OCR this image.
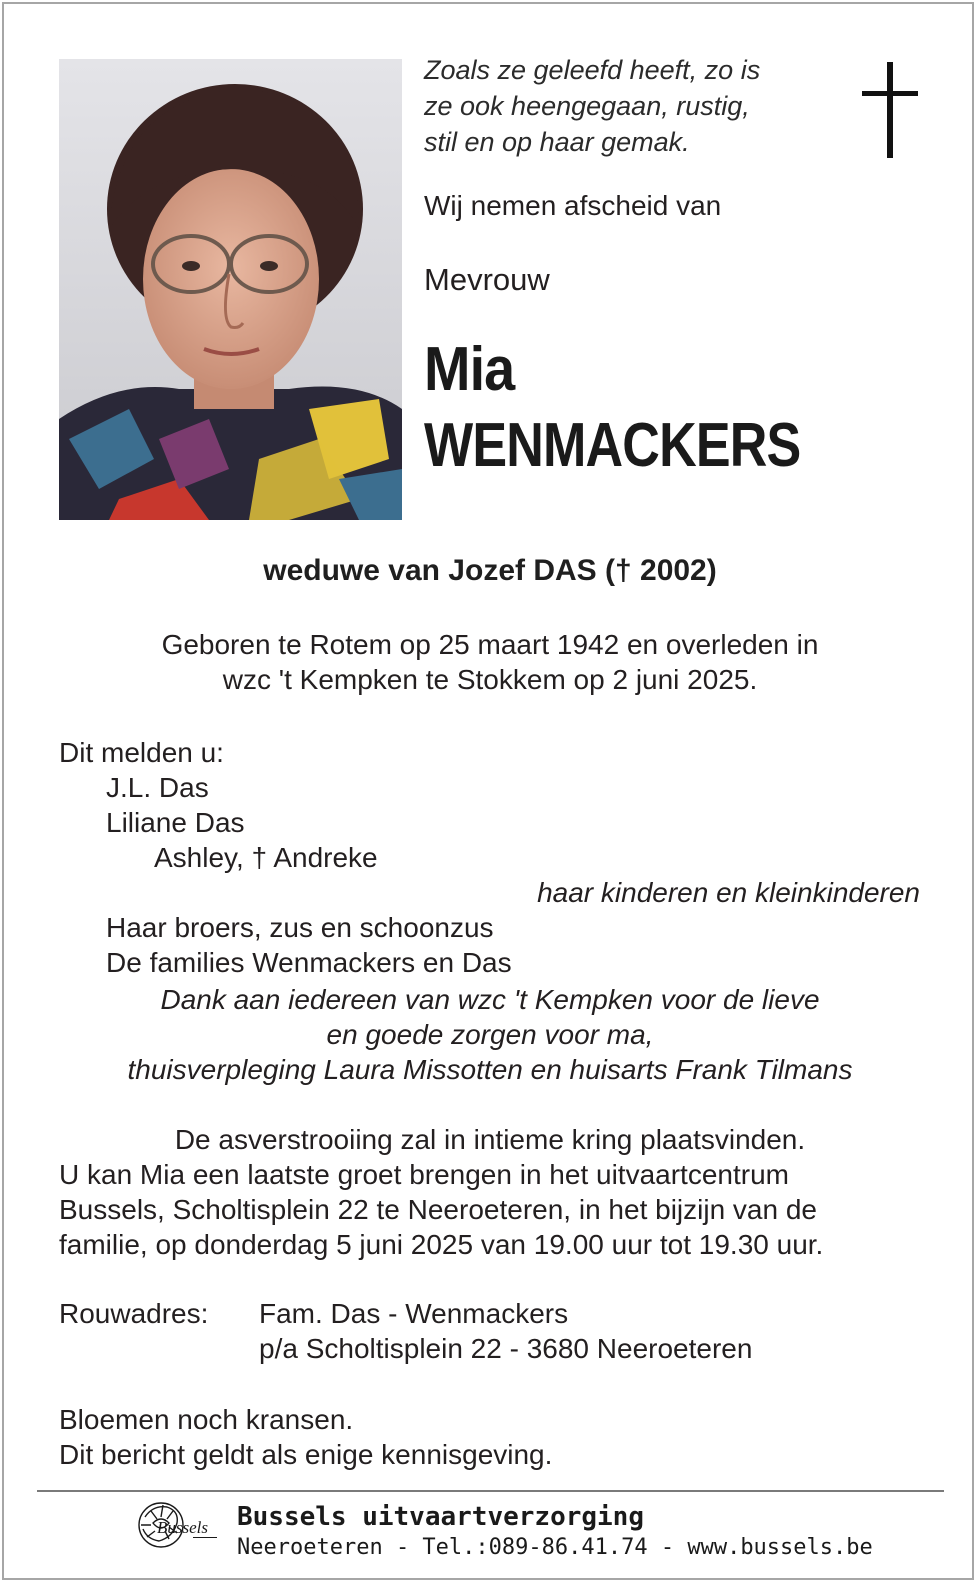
Zoals ze geleefd heeft, zo is
ze ook heengegaan, rustig,
stil en op haar gemak.
Wij nemen afscheid van
Mevrouw
Mia
WENMACKERS
weduwe van Jozef DAS († 2002)
Geboren te Rotem op 25 maart 1942 en overleden in
wzc 't Kempken te Stokkem op 2 juni 2025.
Dit melden u:
J.L. Das
Liliane Das
Ashley, † Andreke
haar kinderen en kleinkinderen
Haar broers, zus en schoonzus
De families Wenmackers en Das
Dank aan iedereen van wzc 't Kempken voor de lieve
en goede zorgen voor ma,
thuisverpleging Laura Missotten en huisarts Frank Tilmans
De asverstrooiing zal in intieme kring plaatsvinden.
U kan Mia een laatste groet brengen in het uitvaartcentrum
Bussels, Scholtisplein 22 te Neeroeteren, in het bijzijn van de
familie, op donderdag 5 juni 2025 van 19.00 uur tot 19.30 uur.
Rouwadres: Fam. Das - Wenmackers
p/a Scholtisplein 22 - 3680 Neeroeteren
Bloemen noch kransen.
Dit bericht geldt als enige kennisgeving.
Bussels Bussels uitvaartverzorging
Neeroeteren - Tel.:089-86.41.74 - www.bussels.be
